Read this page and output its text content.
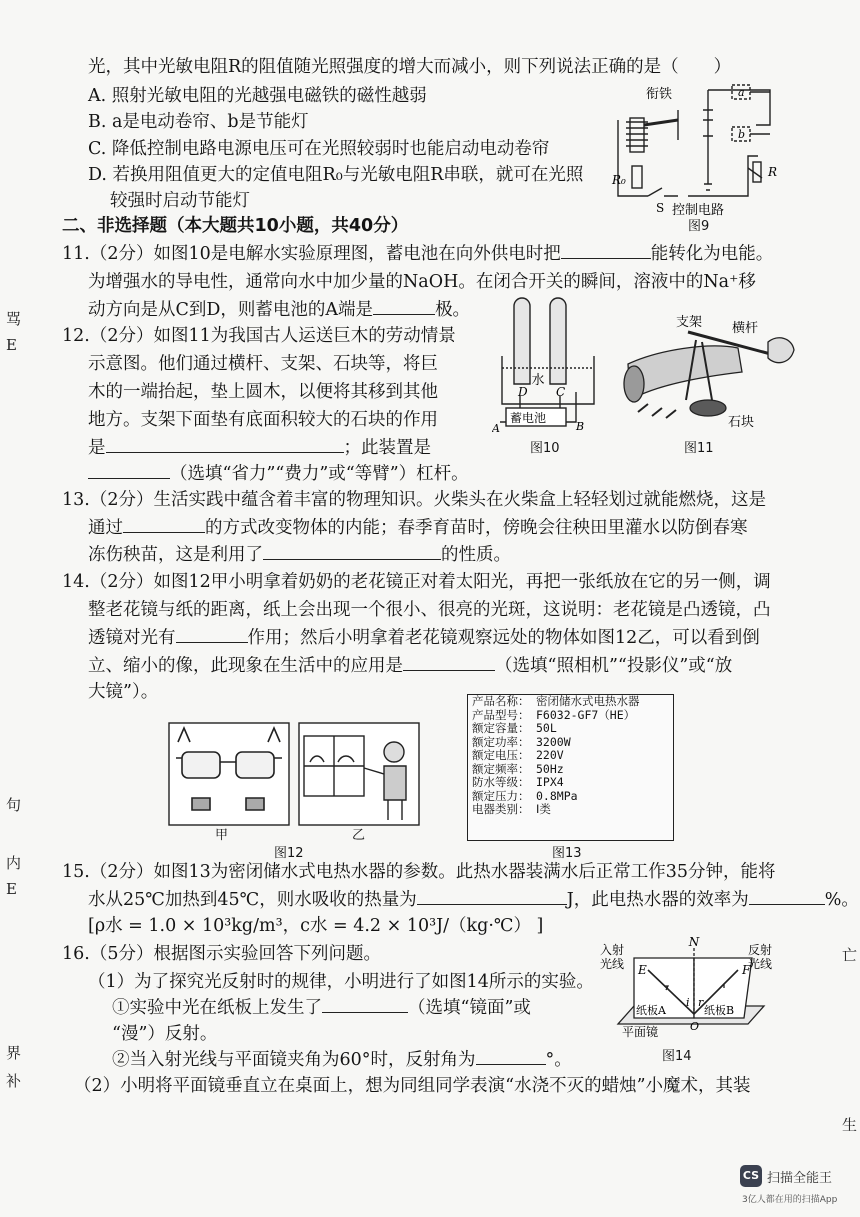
光，其中光敏电阻R的阻值随光照强度的增大而减小，则下列说法正确的是（　　）
A. 照射光敏电阻的光越强电磁铁的磁性越弱
B. a是电动卷帘、b是节能灯
C. 降低控制电路电源电压可在光照较弱时也能启动电动卷帘
D. 若换用阻值更大的定值电阻R₀与光敏电阻R串联，就可在光照
较强时启动节能灯
衔铁	a
b
R₀
R
S 控制电路
图9
二、非选择题（本大题共10小题，共40分）
11.（2分）如图10是电解水实验原理图，蓄电池在向外供电时把	能转化为电能。
为增强水的导电性，通常向水中加少量的NaOH。在闭合开关的瞬间，溶液中的Na⁺移
动方向是从C到D，则蓄电池的A端是	极。
12.（2分）如图11为我国古人运送巨木的劳动情景
示意图。他们通过横杆、支架、石块等，将巨
木的一端抬起，垫上圆木，以便将其移到其他
地方。支架下面垫有底面积较大的石块的作用
是	；此装置是
（选填“省力”“费力”或“等臂”）杠杆。
水
D C
蓄电池
A	B
图10
支架 横杆
石块
图11
13.（2分）生活实践中蕴含着丰富的物理知识。火柴头在火柴盒上轻轻划过就能燃烧，这是
通过	的方式改变物体的内能；春季育苗时，傍晚会往秧田里灌水以防倒春寒
冻伤秧苗，这是利用了	的性质。
14.（2分）如图12甲小明拿着奶奶的老花镜正对着太阳光，再把一张纸放在它的另一侧，调
整老花镜与纸的距离，纸上会出现一个很小、很亮的光斑，这说明：老花镜是凸透镜，凸
透镜对光有	作用；然后小明拿着老花镜观察远处的物体如图12乙，可以看到倒
立、缩小的像，此现象在生活中的应用是	（选填“照相机”“投影仪”或“放
大镜”）。
甲	乙
图12
产品名称： 密闭储水式电热水器
产品型号： F6032-GF7（HE）
额定容量： 50L
额定功率： 3200W
额定电压： 220V
额定频率： 50Hz
防水等级： IPX4
额定压力： 0.8MPa
电器类别： Ⅰ类
图13
15.（2分）如图13为密闭储水式电热水器的参数。此热水器装满水后正常工作35分钟，能将
水从25℃加热到45℃，则水吸收的热量为	J，此电热水器的效率为	%。
[ρ水 = 1.0 × 10³kg/m³，c水 = 4.2 × 10³J/（kg·℃） ]
16.（5分）根据图示实验回答下列问题。
（1）为了探究光反射时的规律，小明进行了如图14所示的实验。
①实验中光在纸板上发生了	（选填“镜面”或
“漫”）反射。
②当入射光线与平面镜夹角为60°时，反射角为	°。
（2）小明将平面镜垂直立在桌面上，想为同组同学表演“水浇不灭的蜡烛”小魔术，其装
N
E	F
i r
纸板A	纸板B
平面镜	O
入射
光线
反射
光线
图14
骂
E
句
内
E
界
补
亡
生
CS 扫描全能王
3亿人都在用的扫描App
